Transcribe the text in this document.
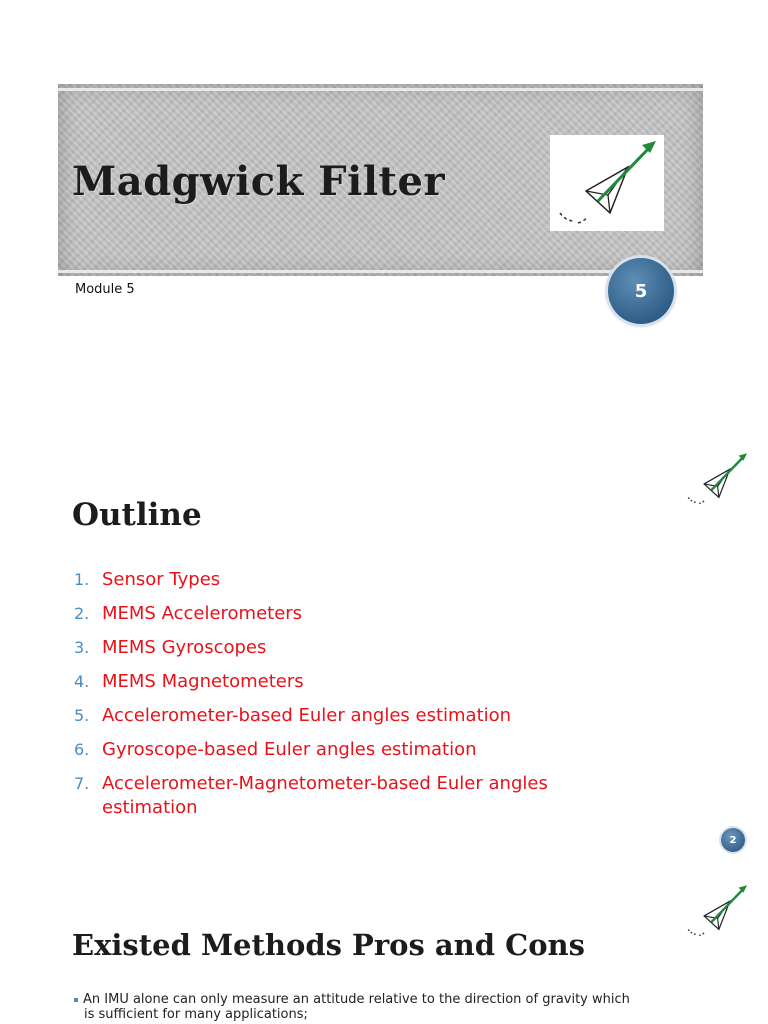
Madgwick Filter
Module 5	5
Outline
1. Sensor Types
2. MEMS Accelerometers
3. MEMS Gyroscopes
4. MEMS Magnetometers
5. Accelerometer-based Euler angles estimation
6. Gyroscope-based Euler angles estimation
7. Accelerometer-Magnetometer-based Euler angles estimation
2
Existed Methods Pros and Cons
An IMU alone can only measure an attitude relative to the direction of gravity which
is sufficient for many applications;
